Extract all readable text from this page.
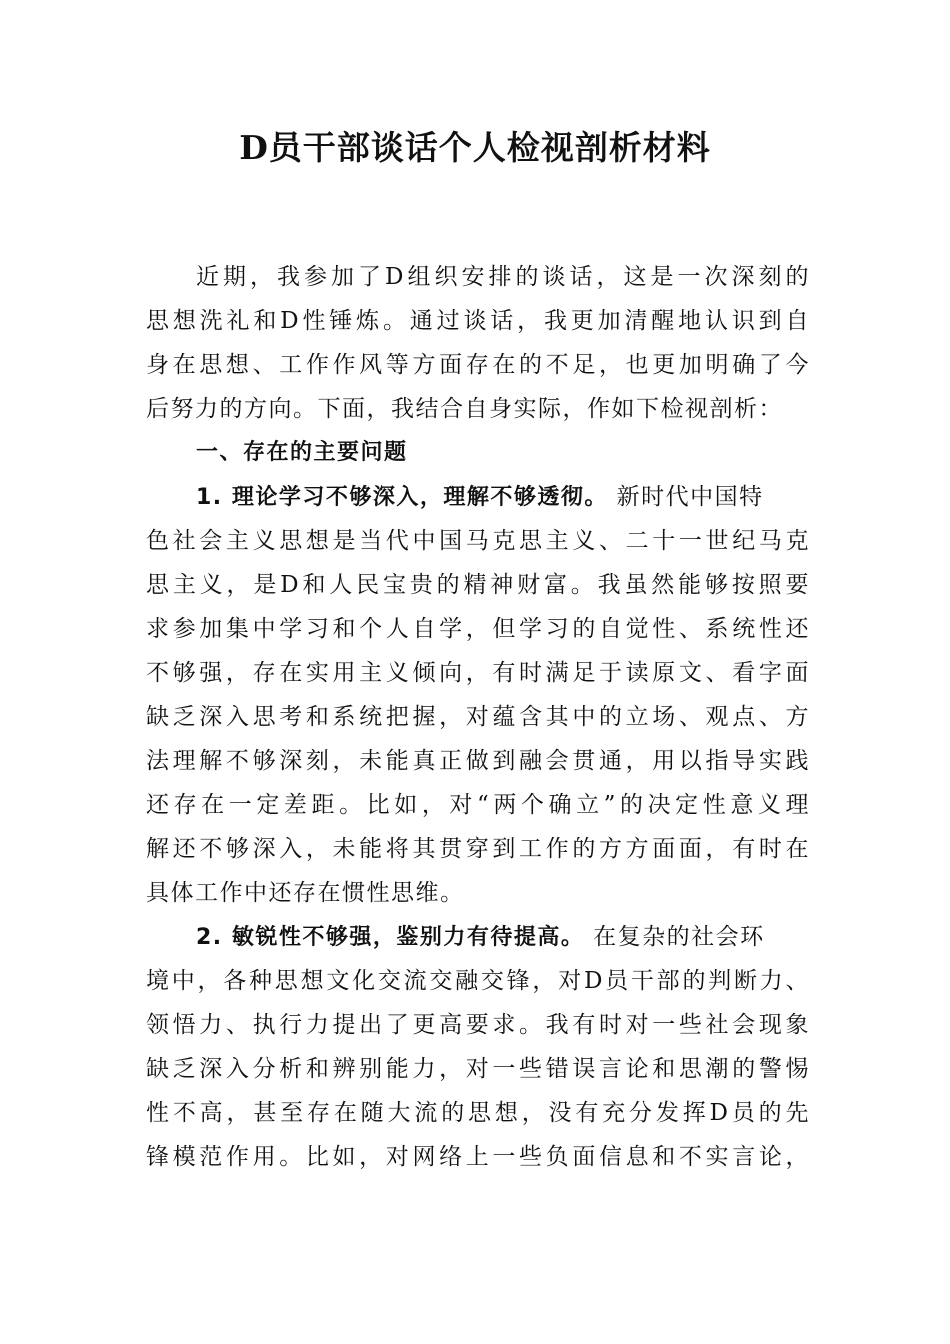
D员干部谈话个人检视剖析材料
近期，我参加了D组织安排的谈话，这是一次深刻的
思想洗礼和D性锤炼。通过谈话，我更加清醒地认识到自
身在思想、工作作风等方面存在的不足，也更加明确了今
后努力的方向。下面，我结合自身实际，作如下检视剖析：
一、存在的主要问题
1. 理论学习不够深入，理解不够透彻。 新时代中国特
色社会主义思想是当代中国马克思主义、二十一世纪马克
思主义，是D和人民宝贵的精神财富。我虽然能够按照要
求参加集中学习和个人自学，但学习的自觉性、系统性还
不够强，存在实用主义倾向，有时满足于读原文、看字面
缺乏深入思考和系统把握，对蕴含其中的立场、观点、方
法理解不够深刻，未能真正做到融会贯通，用以指导实践
还存在一定差距。比如，对“两个确立”的决定性意义理
解还不够深入，未能将其贯穿到工作的方方面面，有时在
具体工作中还存在惯性思维。
2. 敏锐性不够强，鉴别力有待提高。 在复杂的社会环
境中，各种思想文化交流交融交锋，对D员干部的判断力、
领悟力、执行力提出了更高要求。我有时对一些社会现象
缺乏深入分析和辨别能力，对一些错误言论和思潮的警惕
性不高，甚至存在随大流的思想，没有充分发挥D员的先
锋模范作用。比如，对网络上一些负面信息和不实言论，
